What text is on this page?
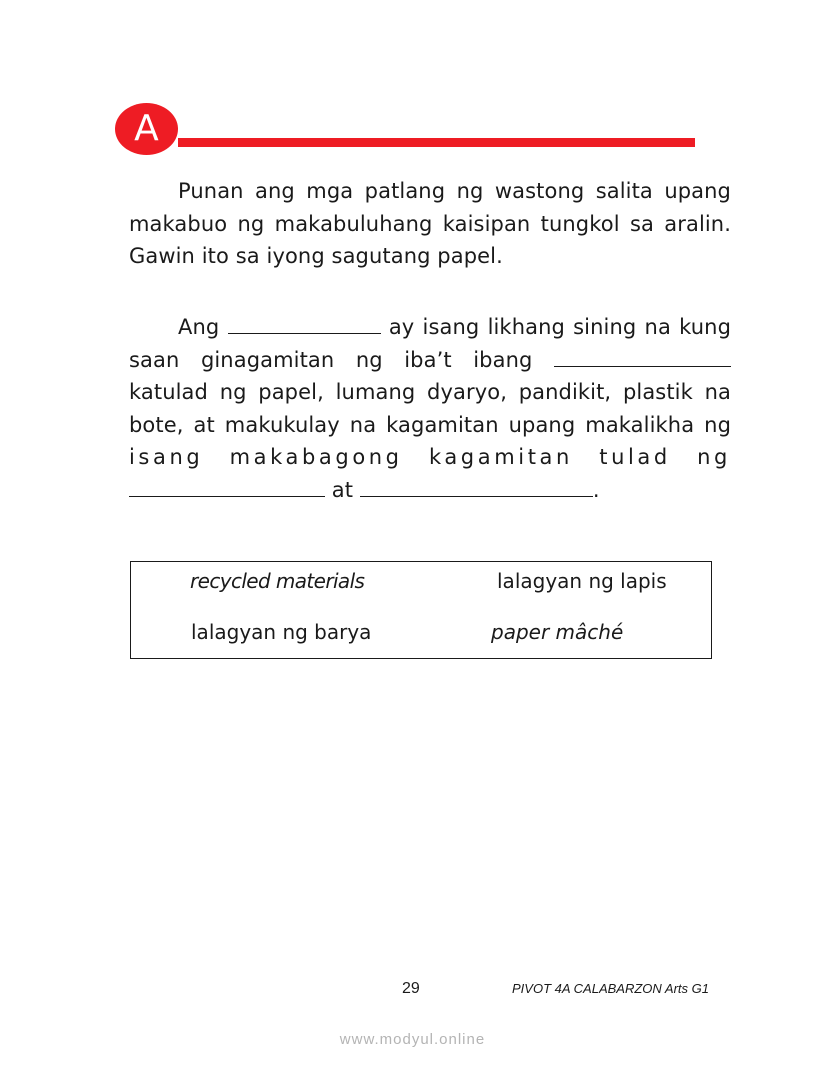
A
Punan ang mga patlang ng wastong salita upang
makabuo ng makabuluhang kaisipan tungkol sa aralin.
Gawin ito sa iyong sagutang papel.
Ang	ay isang likhang sining na kung
saan ginagamitan ng iba’t ibang
katulad ng papel, lumang dyaryo, pandikit, plastik na
bote, at makukulay na kagamitan upang makalikha ng
isang makabagong kagamitan tulad ng
at	.
recycled materials	lalagyan ng lapis
lalagyan ng barya	paper mâché
29	PIVOT 4A CALABARZON Arts G1
www.modyul.online
